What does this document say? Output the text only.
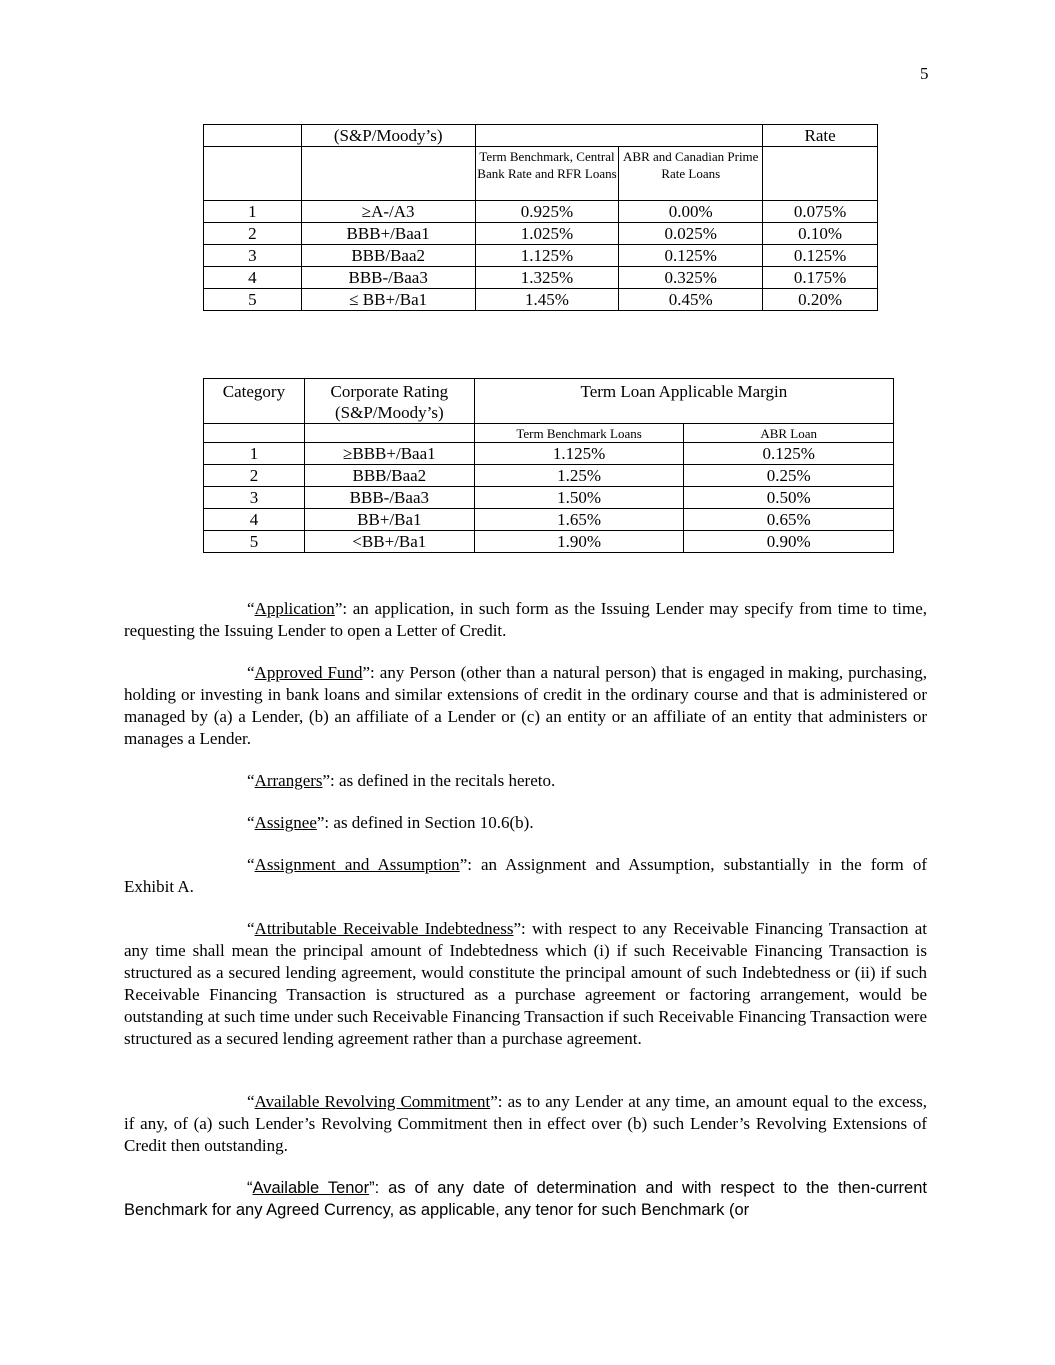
5
	(S&P/Moody’s)			Rate
		Term Benchmark, Central Bank Rate and RFR Loans	ABR and Canadian Prime Rate Loans	
1	≥A-/A3	0.925%	0.00%	0.075%
2	BBB+/Baa1	1.025%	0.025%	0.10%
3	BBB/Baa2	1.125%	0.125%	0.125%
4	BBB-/Baa3	1.325%	0.325%	0.175%
5	≤ BB+/Ba1	1.45%	0.45%	0.20%
Category	Corporate Rating (S&P/Moody’s)	Term Loan Applicable Margin	
		Term Benchmark Loans	ABR Loan
1	≥BBB+/Baa1	1.125%	0.125%
2	BBB/Baa2	1.25%	0.25%
3	BBB-/Baa3	1.50%	0.50%
4	BB+/Ba1	1.65%	0.65%
5	<BB+/Ba1	1.90%	0.90%

“Application”: an application, in such form as the Issuing Lender may specify from time to time, requesting the Issuing Lender to open a Letter of Credit.

“Approved Fund”: any Person (other than a natural person) that is engaged in making, purchasing, holding or investing in bank loans and similar extensions of credit in the ordinary course and that is administered or managed by (a) a Lender, (b) an affiliate of a Lender or (c) an entity or an affiliate of an entity that administers or manages a Lender.

“Arrangers”: as defined in the recitals hereto.

“Assignee”: as defined in Section 10.6(b).

“Assignment and Assumption”: an Assignment and Assumption, substantially in the form of Exhibit A.

“Attributable Receivable Indebtedness”: with respect to any Receivable Financing Transaction at any time shall mean the principal amount of Indebtedness which (i) if such Receivable Financing Transaction is structured as a secured lending agreement, would constitute the principal amount of such Indebtedness or (ii) if such Receivable Financing Transaction is structured as a purchase agreement or factoring arrangement, would be outstanding at such time under such Receivable Financing Transaction if such Receivable Financing Transaction were structured as a secured lending agreement rather than a purchase agreement.

“Available Revolving Commitment”: as to any Lender at any time, an amount equal to the excess, if any, of (a) such Lender’s Revolving Commitment then in effect over (b) such Lender’s Revolving Extensions of Credit then outstanding.

“Available Tenor”: as of any date of determination and with respect to the then-current Benchmark for any Agreed Currency, as applicable, any tenor for such Benchmark (or
